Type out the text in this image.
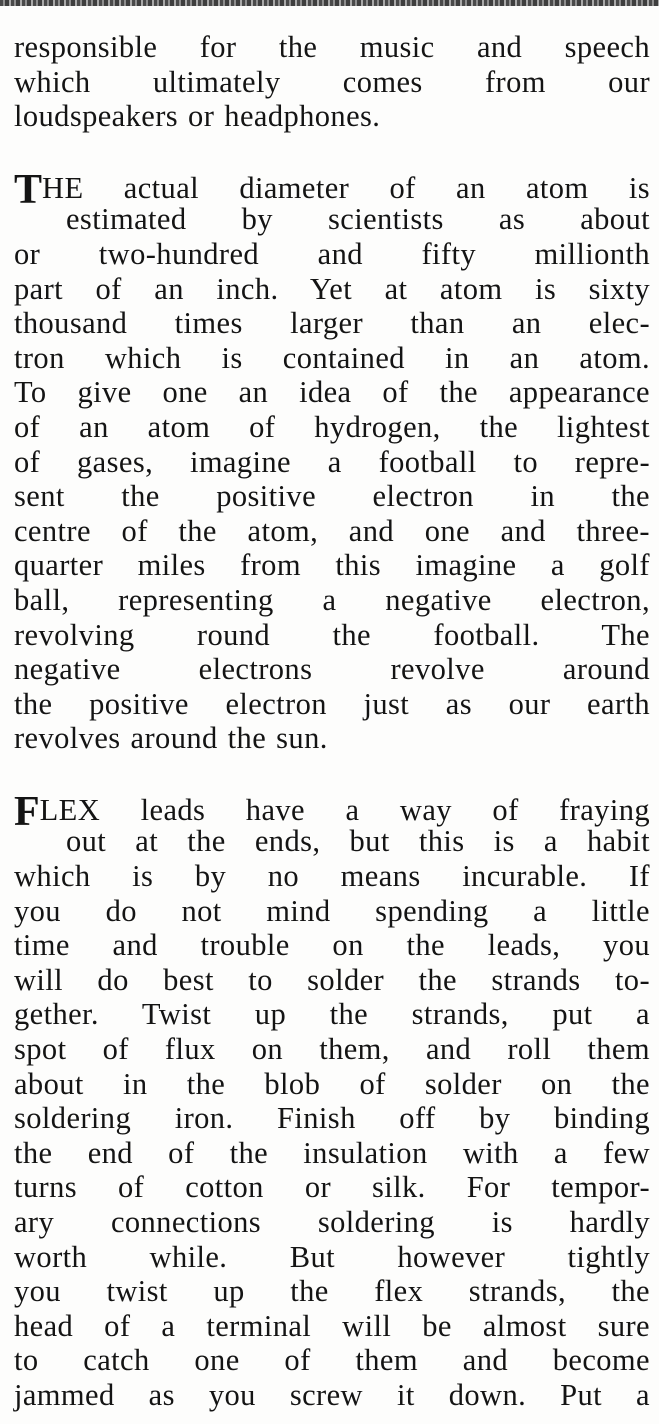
responsible for the music and speech
which ultimately comes from our
loudspeakers or headphones.
THE actual diameter of an atom is
estimated by scientists as about
or two-hundred and fifty millionth
part of an inch. Yet at atom is sixty
thousand times larger than an elec-
tron which is contained in an atom.
To give one an idea of the appearance
of an atom of hydrogen, the lightest
of gases, imagine a football to repre-
sent the positive electron in the
centre of the atom, and one and three-
quarter miles from this imagine a golf
ball, representing a negative electron,
revolving round the football. The
negative electrons revolve around
the positive electron just as our earth
revolves around the sun.
FLEX leads have a way of fraying
out at the ends, but this is a habit
which is by no means incurable. If
you do not mind spending a little
time and trouble on the leads, you
will do best to solder the strands to-
gether. Twist up the strands, put a
spot of flux on them, and roll them
about in the blob of solder on the
soldering iron. Finish off by binding
the end of the insulation with a few
turns of cotton or silk. For tempor-
ary connections soldering is hardly
worth while. But however tightly
you twist up the flex strands, the
head of a terminal will be almost sure
to catch one of them and become
jammed as you screw it down. Put a
